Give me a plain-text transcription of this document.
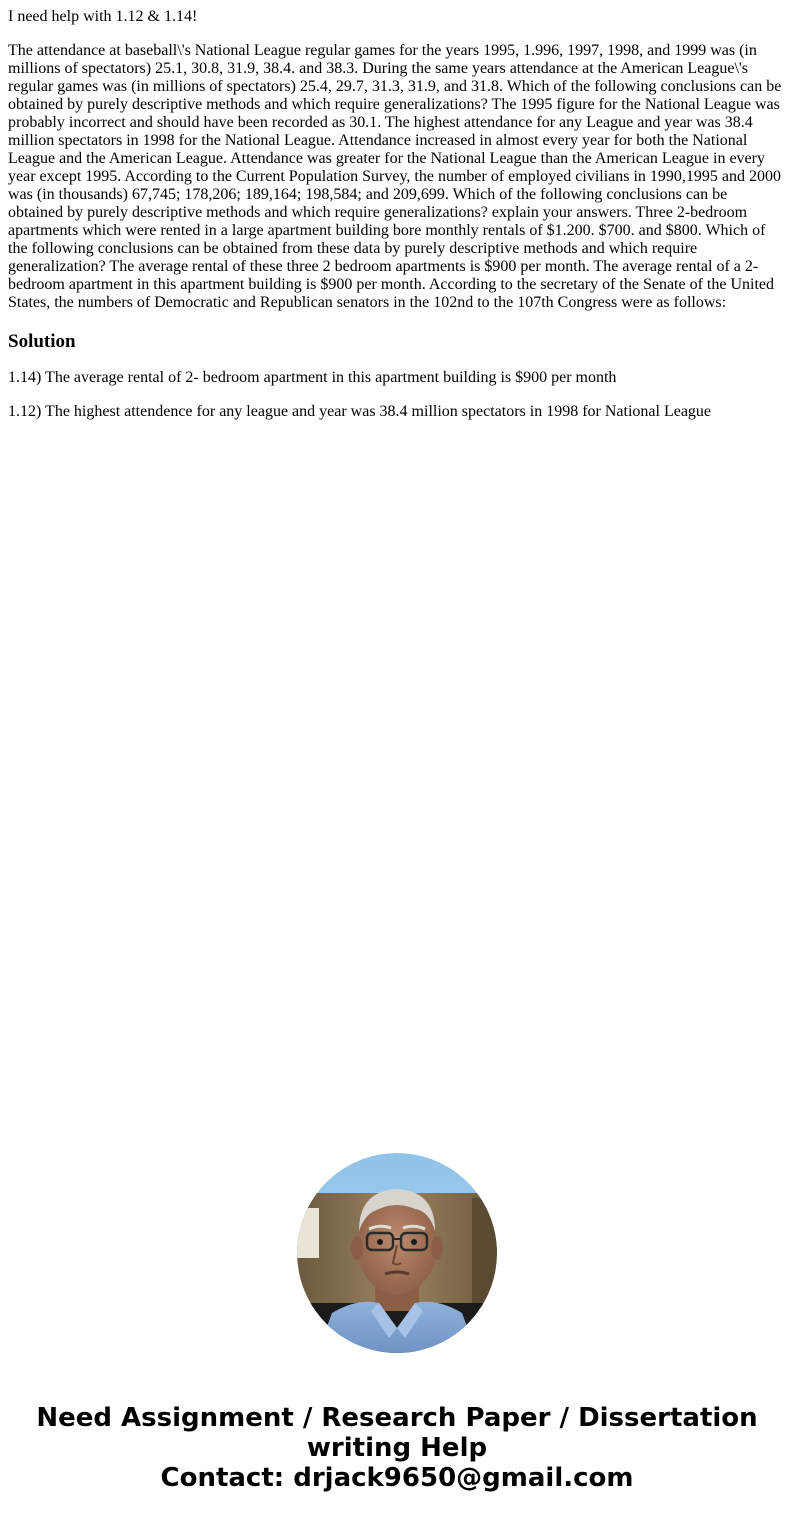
I need help with 1.12 & 1.14!

The attendance at baseball\'s National League regular games for the years 1995, 1.996, 1997, 1998, and 1999 was (in millions of spectators) 25.1, 30.8, 31.9, 38.4. and 38.3. During the same years attendance at the American League\'s regular games was (in millions of spectators) 25.4, 29.7, 31.3, 31.9, and 31.8. Which of the following conclusions can be obtained by purely descriptive methods and which require generalizations? The 1995 figure for the National League was probably incorrect and should have been recorded as 30.1. The highest attendance for any League and year was 38.4 million spectators in 1998 for the National League. Attendance increased in almost every year for both the National League and the American League. Attendance was greater for the National League than the American League in every year except 1995. According to the Current Population Survey, the number of employed civilians in 1990,1995 and 2000 was (in thousands) 67,745; 178,206; 189,164; 198,584; and 209,699. Which of the following conclusions can be obtained by purely descriptive methods and which require generalizations? explain your answers. Three 2-bedroom apartments which were rented in a large apartment building bore monthly rentals of $1.200. $700. and $800. Which of the following conclusions can be obtained from these data by purely descriptive methods and which require generalization? The average rental of these three 2 bedroom apartments is $900 per month. The average rental of a 2-bedroom apartment in this apartment building is $900 per month. According to the secretary of the Senate of the United States, the numbers of Democratic and Republican senators in the 102nd to the 107th Congress were as follows:

Solution

1.14) The average rental of 2- bedroom apartment in this apartment building is $900 per month

1.12) The highest attendence for any league and year was 38.4 million spectators in 1998 for National League

Need Assignment / Research Paper / Dissertation
writing Help
Contact: drjack9650@gmail.com
